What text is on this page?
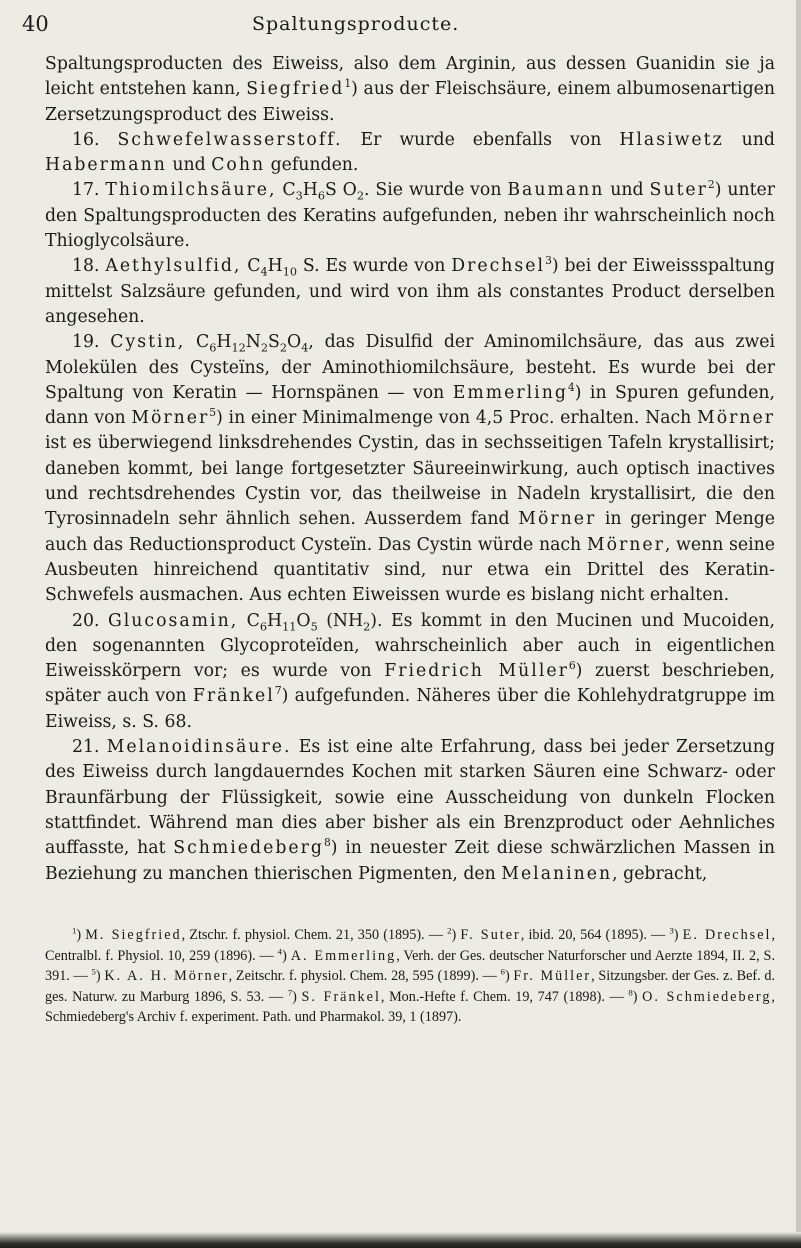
40	Spaltungsproducte.

Spaltungsproducten des Eiweiss, also dem Arginin, aus dessen Guanidin sie ja leicht entstehen kann, Siegfried$^1$) aus der Fleischsäure, einem albumosenartigen Zersetzungsproduct des Eiweiss.

16. Schwefelwasserstoff. Er wurde ebenfalls von Hlasiwetz und Habermann und Cohn gefunden.

17. Thiomilchsäure, $C_3H_6S$ $O_2$. Sie wurde von Baumann und Suter$^2$) unter den Spaltungsproducten des Keratins aufgefunden, neben ihr wahrscheinlich noch Thioglycolsäure.

18. Aethylsulfid, $C_4H_{10}$ S. Es wurde von Drechsel$^3$) bei der Eiweissspaltung mittelst Salzsäure gefunden, und wird von ihm als constantes Product derselben angesehen.

19. Cystin, $C_6H_{12}N_2S_2O_4$, das Disulfid der Aminomilchsäure, das aus zwei Molekülen des Cysteïns, der Aminothiomilchsäure, besteht. Es wurde bei der Spaltung von Keratin — Hornspänen — von Emmerling$^4$) in Spuren gefunden, dann von Mörner$^5$) in einer Minimalmenge von 4,5 Proc. erhalten. Nach Mörner ist es überwiegend linksdrehendes Cystin, das in sechsseitigen Tafeln krystallisirt; daneben kommt, bei lange fortgesetzter Säureeinwirkung, auch optisch inactives und rechtsdrehendes Cystin vor, das theilweise in Nadeln krystallisirt, die den Tyrosinnadeln sehr ähnlich sehen. Ausserdem fand Mörner in geringer Menge auch das Reductionsproduct Cysteïn. Das Cystin würde nach Mörner, wenn seine Ausbeuten hinreichend quantitativ sind, nur etwa ein Drittel des Keratin-Schwefels ausmachen. Aus echten Eiweissen wurde es bislang nicht erhalten.

20. Glucosamin, $C_6H_{11}O_5$ $(NH_2)$. Es kommt in den Mucinen und Mucoiden, den sogenannten Glycoproteïden, wahrscheinlich aber auch in eigentlichen Eiweisskörpern vor; es wurde von Friedrich Müller$^6$) zuerst beschrieben, später auch von Fränkel$^7$) aufgefunden. Näheres über die Kohlehydratgruppe im Eiweiss, s. S. 68.

21. Melanoidinsäure. Es ist eine alte Erfahrung, dass bei jeder Zersetzung des Eiweiss durch langdauerndes Kochen mit starken Säuren eine Schwarz- oder Braunfärbung der Flüssigkeit, sowie eine Ausscheidung von dunkeln Flocken stattfindet. Während man dies aber bisher als ein Brenzproduct oder Aehnliches auffasste, hat Schmiedeberg$^8$) in neuester Zeit diese schwärzlichen Massen in Beziehung zu manchen thierischen Pigmenten, den Melaninen, gebracht,

$^1$) M. Siegfried, Ztschr. f. physiol. Chem. 21, 350 (1895). — $^2$) F. Suter, ibid. 20, 564 (1895). — $^3$) E. Drechsel, Centralbl. f. Physiol. 10, 259 (1896). — $^4$) A. Emmerling, Verh. der Ges. deutscher Naturforscher und Aerzte 1894, II. 2, S. 391. — $^5$) K. A. H. Mörner, Zeitschr. f. physiol. Chem. 28, 595 (1899). — $^6$) Fr. Müller, Sitzungsber. der Ges. z. Bef. d. ges. Naturw. zu Marburg 1896, S. 53. — $^7$) S. Fränkel, Mon.-Hefte f. Chem. 19, 747 (1898). — $^8$) O. Schmiedeberg, Schmiedeberg's Archiv f. experiment. Path. und Pharmakol. 39, 1 (1897).
